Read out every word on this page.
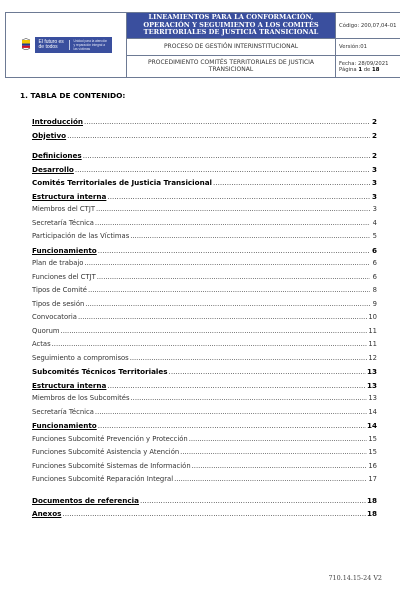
El futuro es de todos
Unidad para la atención y reparación integral a las víctimas	LINEAMIENTOS PARA LA CONFORMACIÓN, OPERACIÓN Y SEGUIMIENTO A LOS COMITÉS TERRITORIALES DE JUSTICIA TRANSICIONAL	Código: 200,07,04-01
	PROCESO DE GESTIÓN INTERINSTITUCIONAL	Versión:01
	PROCEDIMIENTO COMITÉS TERRITORIALES DE JUSTICIA TRANSICIONAL	Fecha: 28/09/2021
Página 1 de 18
1. TABLA DE CONTENIDO:
Introducción .....	2
Objetivo .....	2
Definiciones .....	2
Desarrollo .....	3
Comités Territoriales de Justicia Transicional .....	3
Estructura interna .....	3
Miembros del CTJT .....	3
Secretaría Técnica .....	4
Participación de las Víctimas .....	5
Funcionamiento .....	6
Plan de trabajo .....	6
Funciones del CTJT .....	6
Tipos de Comité .....	8
Tipos de sesión .....	9
Convocatoria .....	10
Quorum .....	11
Actas .....	11
Seguimiento a compromisos .....	12
Subcomités Técnicos Territoriales .....	13
Estructura interna .....	13
Miembros de los Subcomités .....	13
Secretaría Técnica .....	14
Funcionamiento .....	14
Funciones Subcomité Prevención y Protección .....	15
Funciones Subcomité Asistencia y Atención .....	15
Funciones Subcomité Sistemas de Información .....	16
Funciones Subcomité Reparación Integral .....	17
Documentos de referencia .....	18
Anexos .....	18
710.14.15-24 V2
